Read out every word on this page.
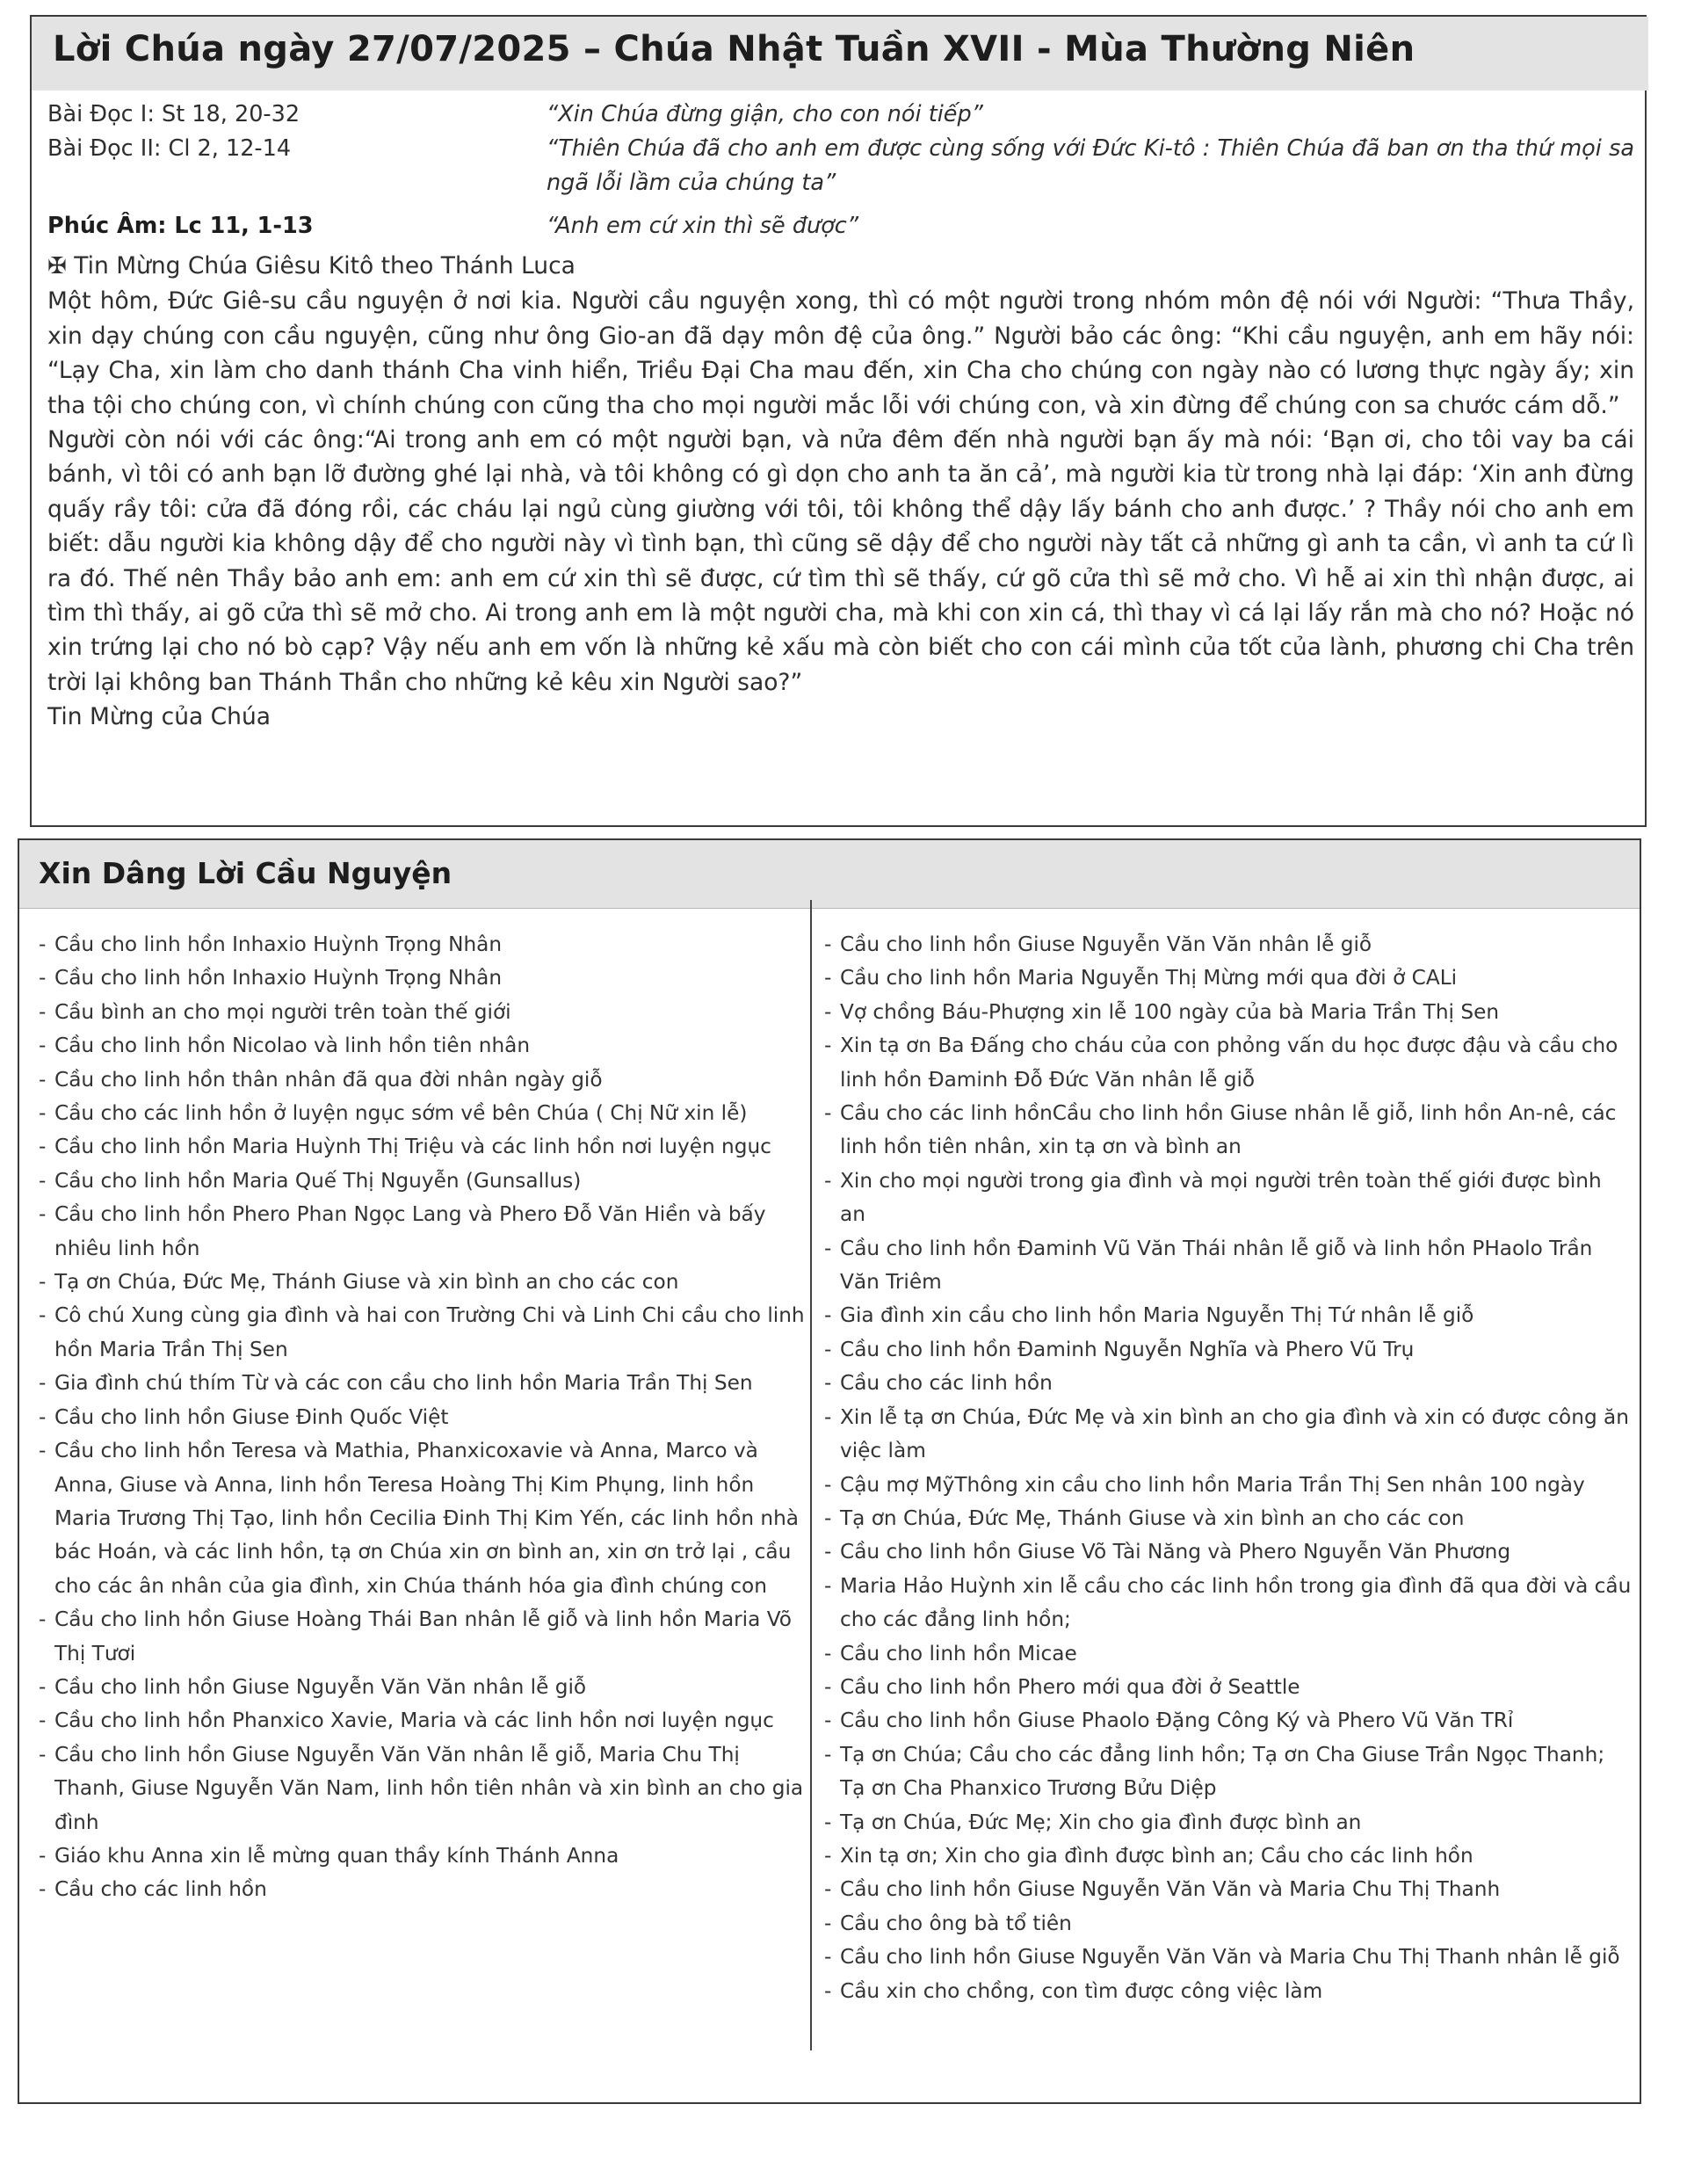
Lời Chúa ngày 27/07/2025 – Chúa Nhật Tuần XVII - Mùa Thường Niên
Bài Đọc I: St 18, 20-32	“Xin Chúa đừng giận, cho con nói tiếp”
Bài Đọc II: Cl 2, 12-14	“Thiên Chúa đã cho anh em được cùng sống với Đức Ki-tô : Thiên Chúa đã ban ơn tha thứ mọi sa ngã lỗi lầm của chúng ta”
Phúc Âm: Lc 11, 1-13	“Anh em cứ xin thì sẽ được”

✠ Tin Mừng Chúa Giêsu Kitô theo Thánh Luca

Một hôm, Đức Giê-su cầu nguyện ở nơi kia. Người cầu nguyện xong, thì có một người trong nhóm môn đệ nói với Người: “Thưa Thầy, xin dạy chúng con cầu nguyện, cũng như ông Gio-an đã dạy môn đệ của ông.” Người bảo các ông: “Khi cầu nguyện, anh em hãy nói: “Lạy Cha, xin làm cho danh thánh Cha vinh hiển, Triều Đại Cha mau đến, xin Cha cho chúng con ngày nào có lương thực ngày ấy; xin tha tội cho chúng con, vì chính chúng con cũng tha cho mọi người mắc lỗi với chúng con, và xin đừng để chúng con sa chước cám dỗ.”

Người còn nói với các ông:“Ai trong anh em có một người bạn, và nửa đêm đến nhà người bạn ấy mà nói: ‘Bạn ơi, cho tôi vay ba cái bánh, vì tôi có anh bạn lỡ đường ghé lại nhà, và tôi không có gì dọn cho anh ta ăn cả’, mà người kia từ trong nhà lại đáp: ‘Xin anh đừng quấy rầy tôi: cửa đã đóng rồi, các cháu lại ngủ cùng giường với tôi, tôi không thể dậy lấy bánh cho anh được.’ ? Thầy nói cho anh em biết: dẫu người kia không dậy để cho người này vì tình bạn, thì cũng sẽ dậy để cho người này tất cả những gì anh ta cần, vì anh ta cứ lì ra đó. Thế nên Thầy bảo anh em: anh em cứ xin thì sẽ được, cứ tìm thì sẽ thấy, cứ gõ cửa thì sẽ mở cho. Vì hễ ai xin thì nhận được, ai tìm thì thấy, ai gõ cửa thì sẽ mở cho. Ai trong anh em là một người cha, mà khi con xin cá, thì thay vì cá lại lấy rắn mà cho nó? Hoặc nó xin trứng lại cho nó bò cạp? Vậy nếu anh em vốn là những kẻ xấu mà còn biết cho con cái mình của tốt của lành, phương chi Cha trên trời lại không ban Thánh Thần cho những kẻ kêu xin Người sao?”

Tin Mừng của Chúa

Xin Dâng Lời Cầu Nguyện
- Cầu cho linh hồn Inhaxio Huỳnh Trọng Nhân
- Cầu cho linh hồn Inhaxio Huỳnh Trọng Nhân
- Cầu bình an cho mọi người trên toàn thế giới
- Cầu cho linh hồn Nicolao và linh hồn tiên nhân
- Cầu cho linh hồn thân nhân đã qua đời nhân ngày giỗ
- Cầu cho các linh hồn ở luyện ngục sớm về bên Chúa ( Chị Nữ xin lễ)
- Cầu cho linh hồn Maria Huỳnh Thị Triệu và các linh hồn nơi luyện ngục
- Cầu cho linh hồn Maria Quế Thị Nguyễn (Gunsallus)
- Cầu cho linh hồn Phero Phan Ngọc Lang và Phero Đỗ Văn Hiền và bấy nhiêu linh hồn
- Tạ ơn Chúa, Đức Mẹ, Thánh Giuse và xin bình an cho các con
- Cô chú Xung cùng gia đình và hai con Trường Chi và Linh Chi cầu cho linh hồn Maria Trần Thị Sen
- Gia đình chú thím Từ và các con cầu cho linh hồn Maria Trần Thị Sen
- Cầu cho linh hồn Giuse Đinh Quốc Việt
- Cầu cho linh hồn Teresa và Mathia, Phanxicoxavie và Anna, Marco và Anna, Giuse và Anna, linh hồn Teresa Hoàng Thị Kim Phụng, linh hồn Maria Trương Thị Tạo, linh hồn Cecilia Đinh Thị Kim Yến, các linh hồn nhà bác Hoán, và các linh hồn, tạ ơn Chúa xin ơn bình an, xin ơn trở lại , cầu cho các ân nhân của gia đình, xin Chúa thánh hóa gia đình chúng con
- Cầu cho linh hồn Giuse Hoàng Thái Ban nhân lễ giỗ và linh hồn Maria Võ Thị Tươi
- Cầu cho linh hồn Giuse Nguyễn Văn Văn nhân lễ giỗ
- Cầu cho linh hồn Phanxico Xavie, Maria và các linh hồn nơi luyện ngục
- Cầu cho linh hồn Giuse Nguyễn Văn Văn nhân lễ giỗ, Maria Chu Thị Thanh, Giuse Nguyễn Văn Nam, linh hồn tiên nhân và xin bình an cho gia đình
- Giáo khu Anna xin lễ mừng quan thầy kính Thánh Anna
- Cầu cho các linh hồn
- Cầu cho linh hồn Giuse Nguyễn Văn Văn nhân lễ giỗ
- Cầu cho linh hồn Maria Nguyễn Thị Mừng mới qua đời ở CALi
- Vợ chồng Báu-Phượng xin lễ 100 ngày của bà Maria Trần Thị Sen
- Xin tạ ơn Ba Đấng cho cháu của con phỏng vấn du học được đậu và cầu cho linh hồn Đaminh Đỗ Đức Văn nhân lễ giỗ
- Cầu cho các linh hồnCầu cho linh hồn Giuse nhân lễ giỗ, linh hồn An-nê, các linh hồn tiên nhân, xin tạ ơn và bình an
- Xin cho mọi người trong gia đình và mọi người trên toàn thế giới được bình an
- Cầu cho linh hồn Đaminh Vũ Văn Thái nhân lễ giỗ và linh hồn PHaolo Trần Văn Triêm
- Gia đình xin cầu cho linh hồn Maria Nguyễn Thị Tứ nhân lễ giỗ
- Cầu cho linh hồn Đaminh Nguyễn Nghĩa và Phero Vũ Trụ
- Cầu cho các linh hồn
- Xin lễ tạ ơn Chúa, Đức Mẹ và xin bình an cho gia đình và xin có được công ăn việc làm
- Cậu mợ MỹThông xin cầu cho linh hồn Maria Trần Thị Sen nhân 100 ngày
- Tạ ơn Chúa, Đức Mẹ, Thánh Giuse và xin bình an cho các con
- Cầu cho linh hồn Giuse Võ Tài Năng và Phero Nguyễn Văn Phương
- Maria Hảo Huỳnh xin lễ cầu cho các linh hồn trong gia đình đã qua đời và cầu cho các đẳng linh hồn;
- Cầu cho linh hồn Micae
- Cầu cho linh hồn Phero mới qua đời ở Seattle
- Cầu cho linh hồn Giuse Phaolo Đặng Công Ký và Phero Vũ Văn TRỉ
- Tạ ơn Chúa; Cầu cho các đẳng linh hồn; Tạ ơn Cha Giuse Trần Ngọc Thanh; Tạ ơn Cha Phanxico Trương Bửu Diệp
- Tạ ơn Chúa, Đức Mẹ; Xin cho gia đình được bình an
- Xin tạ ơn; Xin cho gia đình được bình an; Cầu cho các linh hồn
- Cầu cho linh hồn Giuse Nguyễn Văn Văn và Maria Chu Thị Thanh
- Cầu cho ông bà tổ tiên
- Cầu cho linh hồn Giuse Nguyễn Văn Văn và Maria Chu Thị Thanh nhân lễ giỗ
- Cầu xin cho chồng, con tìm được công việc làm
